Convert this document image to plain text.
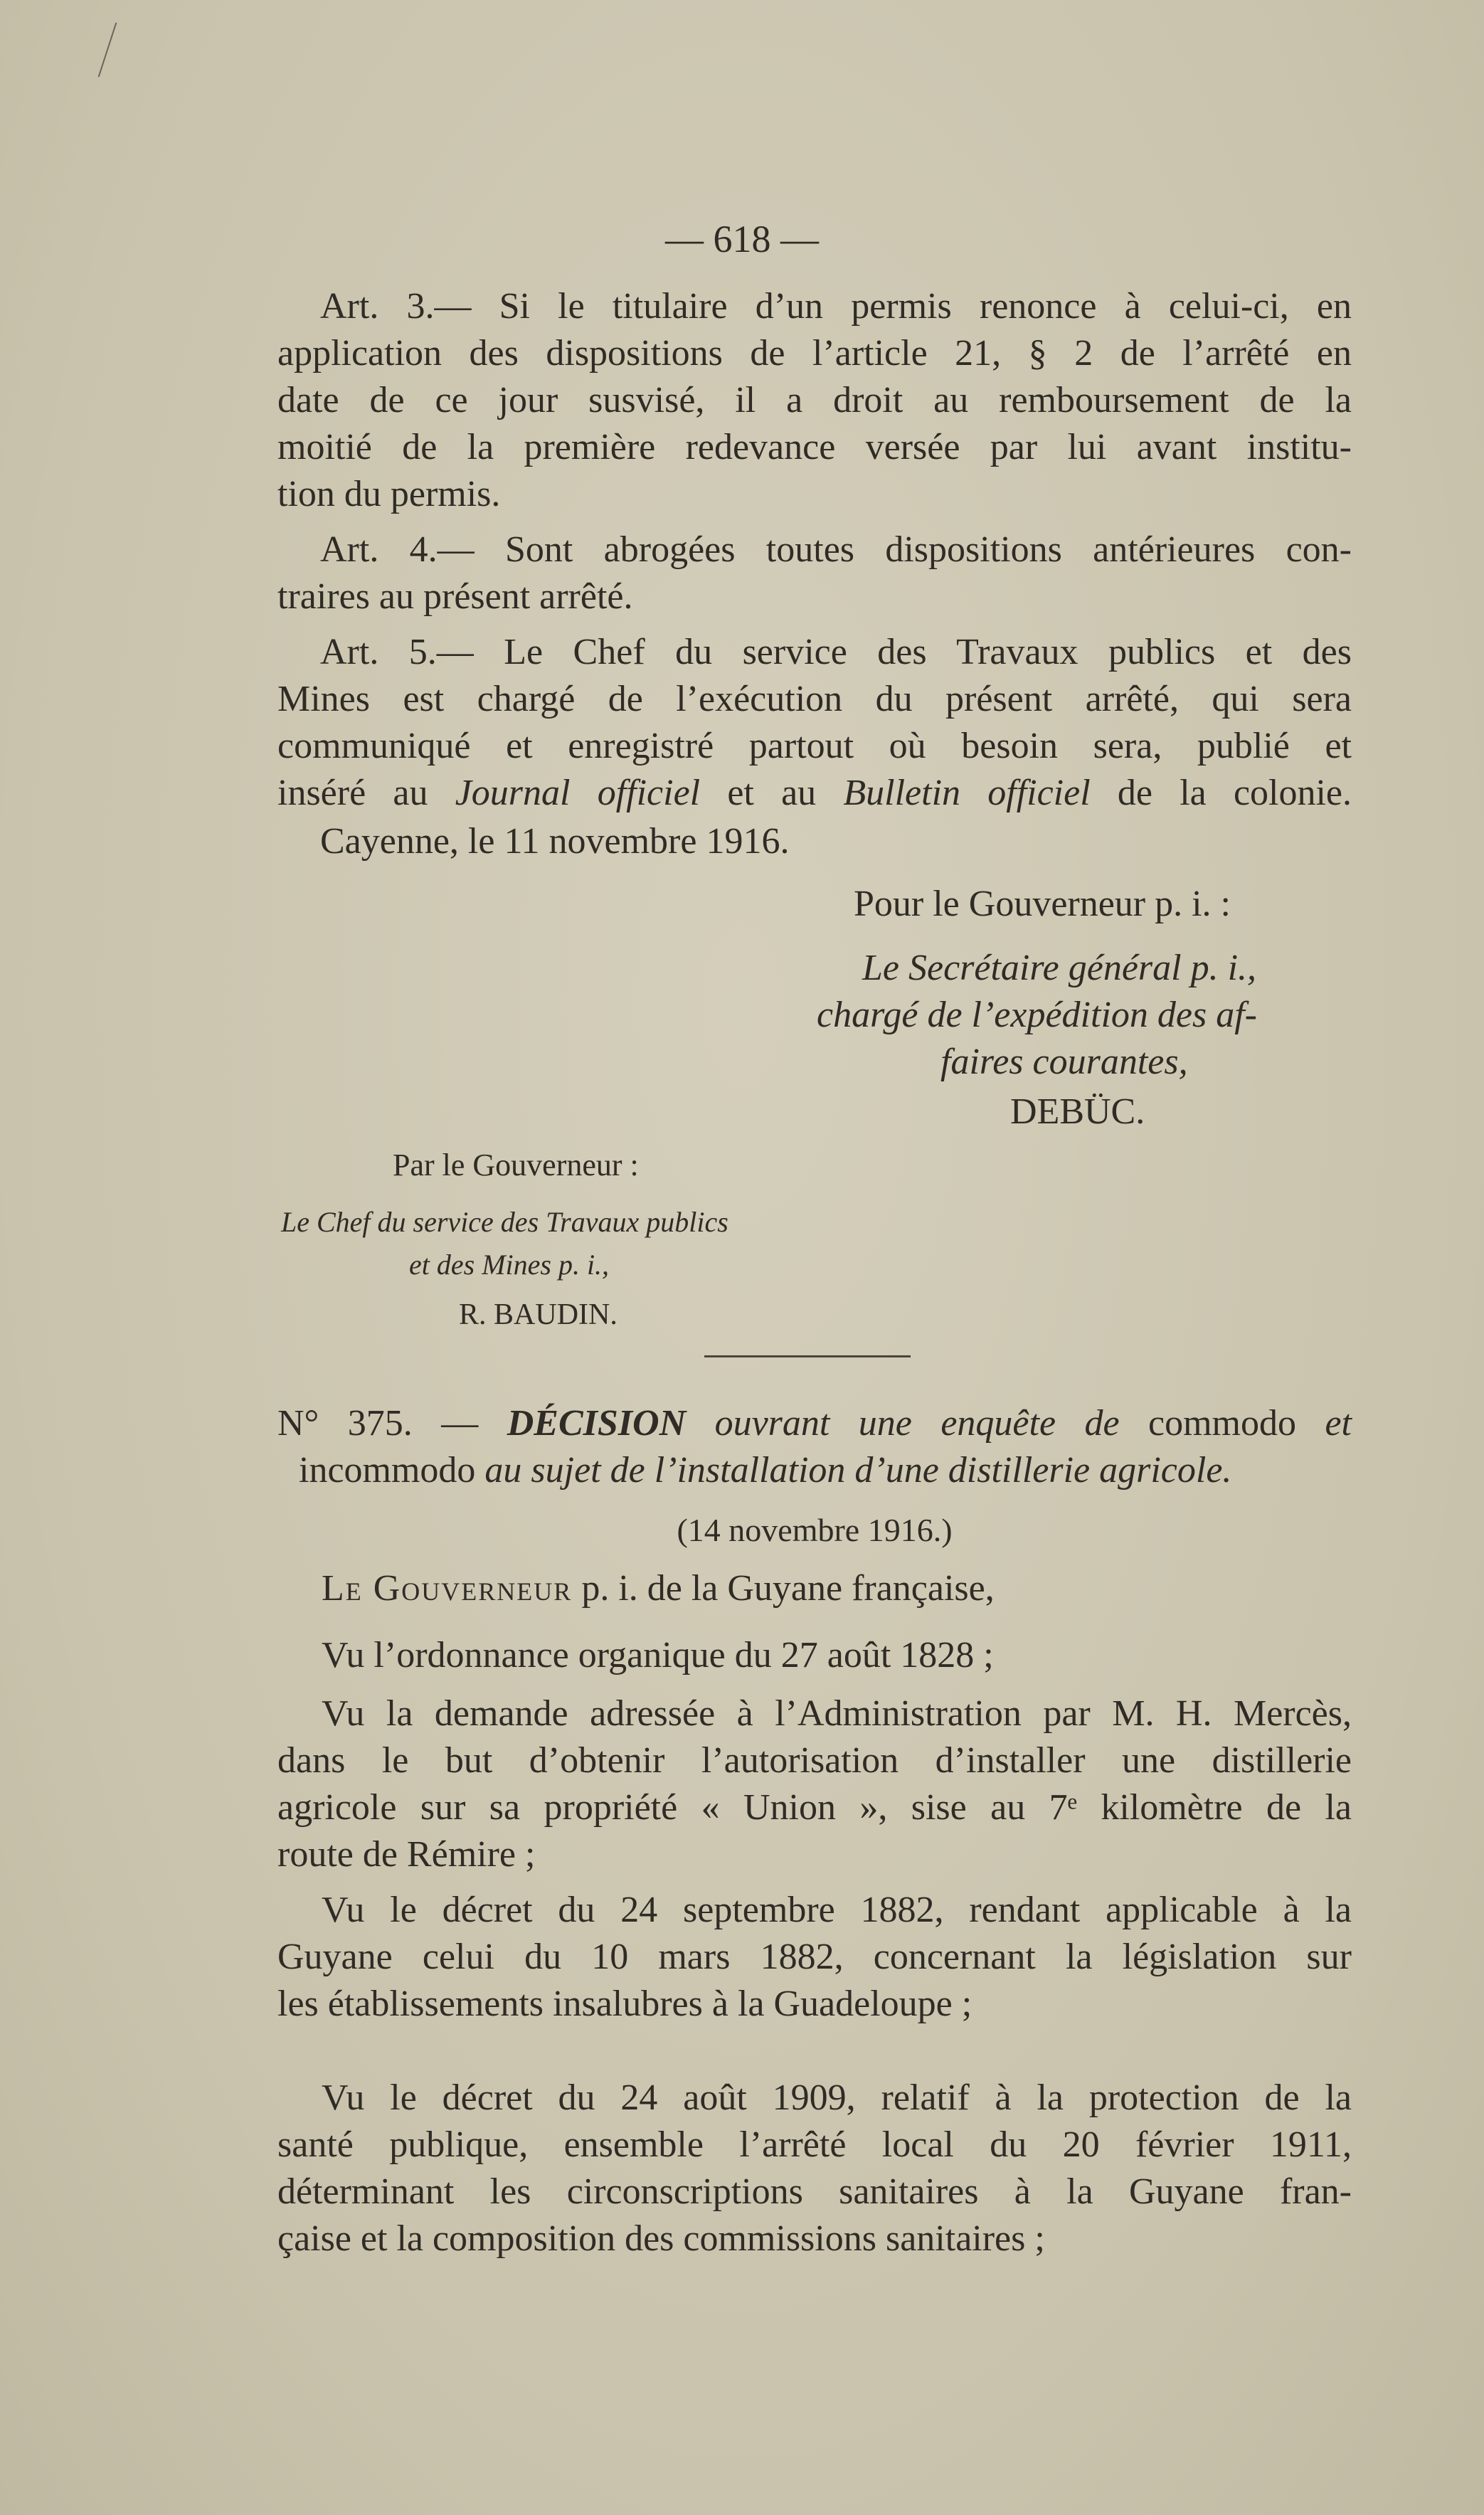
— 618 —
Art. 3.— Si le titulaire d’un permis renonce à celui-ci, en
application des dispositions de l’article 21, § 2 de l’arrêté en
date de ce jour susvisé, il a droit au remboursement de la
moitié de la première redevance versée par lui avant institu-
tion du permis.
Art. 4.— Sont abrogées toutes dispositions antérieures con-
traires au présent arrêté.
Art. 5.— Le Chef du service des Travaux publics et des
Mines est chargé de l’exécution du présent arrêté, qui sera
communiqué et enregistré partout où besoin sera, publié et
inséré au Journal officiel et au Bulletin officiel de la colonie.
Cayenne, le 11 novembre 1916.
Pour le Gouverneur p. i. :
Le Secrétaire général p. i.,
chargé de l’expédition des af-
faires courantes,
DEBÜC.
Par le Gouverneur :
Le Chef du service des Travaux publics
et des Mines p. i.,
R. BAUDIN.
N° 375. — DÉCISION ouvrant une enquête de commodo et
incommodo au sujet de l’installation d’une distillerie agricole.
(14 novembre 1916.)
Le Gouverneur p. i. de la Guyane française,
Vu l’ordonnance organique du 27 août 1828 ;
Vu la demande adressée à l’Administration par M. H. Mercès,
dans le but d’obtenir l’autorisation d’installer une distillerie
agricole sur sa propriété « Union », sise au 7ᵉ kilomètre de la
route de Rémire ;
Vu le décret du 24 septembre 1882, rendant applicable à la
Guyane celui du 10 mars 1882, concernant la législation sur
les établissements insalubres à la Guadeloupe ;
Vu le décret du 24 août 1909, relatif à la protection de la
santé publique, ensemble l’arrêté local du 20 février 1911,
déterminant les circonscriptions sanitaires à la Guyane fran-
çaise et la composition des commissions sanitaires ;
